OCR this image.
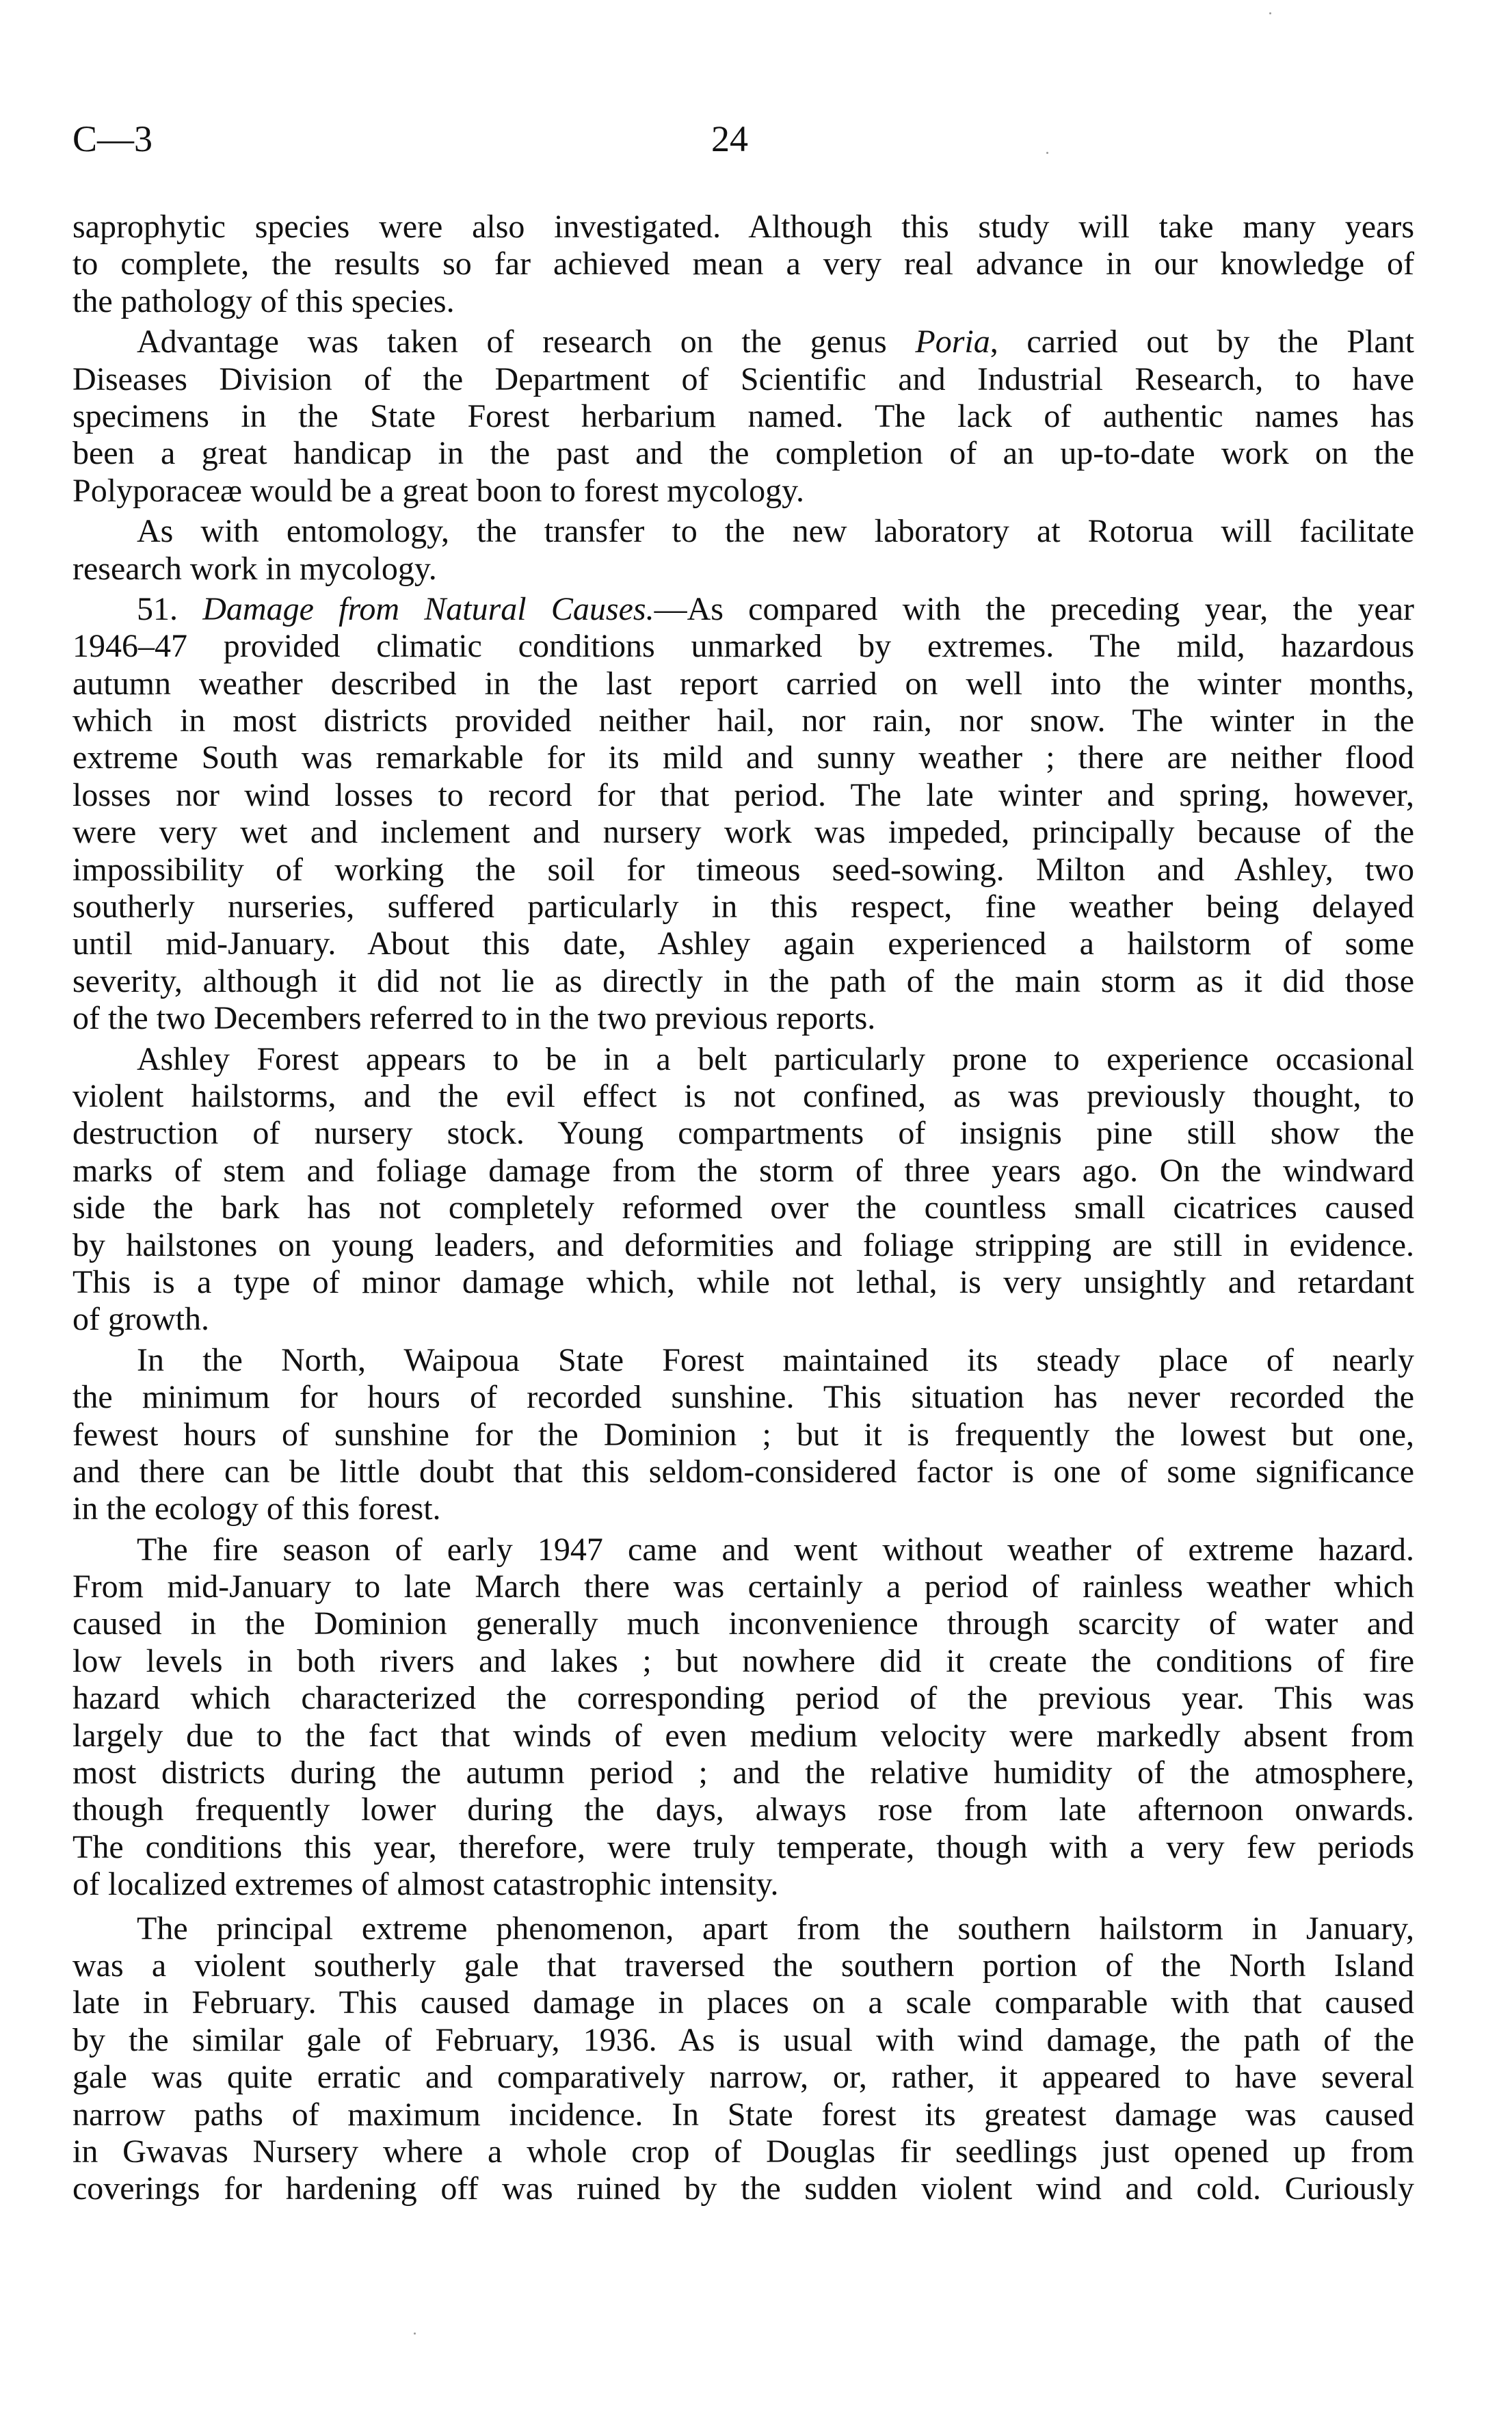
C—3	24
saprophytic species were also investigated. Although this study will take many years
to complete, the results so far achieved mean a very real advance in our knowledge of
the pathology of this species.
Advantage was taken of research on the genus Poria, carried out by the Plant
Diseases Division of the Department of Scientific and Industrial Research, to have
specimens in the State Forest herbarium named. The lack of authentic names has
been a great handicap in the past and the completion of an up-to-date work on the
Polyporaceæ would be a great boon to forest mycology.
As with entomology, the transfer to the new laboratory at Rotorua will facilitate
research work in mycology.
51. Damage from Natural Causes.—As compared with the preceding year, the year
1946–47 provided climatic conditions unmarked by extremes. The mild, hazardous
autumn weather described in the last report carried on well into the winter months,
which in most districts provided neither hail, nor rain, nor snow. The winter in the
extreme South was remarkable for its mild and sunny weather ; there are neither flood
losses nor wind losses to record for that period. The late winter and spring, however,
were very wet and inclement and nursery work was impeded, principally because of the
impossibility of working the soil for timeous seed-sowing. Milton and Ashley, two
southerly nurseries, suffered particularly in this respect, fine weather being delayed
until mid-January. About this date, Ashley again experienced a hailstorm of some
severity, although it did not lie as directly in the path of the main storm as it did those
of the two Decembers referred to in the two previous reports.
Ashley Forest appears to be in a belt particularly prone to experience occasional
violent hailstorms, and the evil effect is not confined, as was previously thought, to
destruction of nursery stock. Young compartments of insignis pine still show the
marks of stem and foliage damage from the storm of three years ago. On the windward
side the bark has not completely reformed over the countless small cicatrices caused
by hailstones on young leaders, and deformities and foliage stripping are still in evidence.
This is a type of minor damage which, while not lethal, is very unsightly and retardant
of growth.
In the North, Waipoua State Forest maintained its steady place of nearly
the minimum for hours of recorded sunshine. This situation has never recorded the
fewest hours of sunshine for the Dominion ; but it is frequently the lowest but one,
and there can be little doubt that this seldom-considered factor is one of some significance
in the ecology of this forest.
The fire season of early 1947 came and went without weather of extreme hazard.
From mid-January to late March there was certainly a period of rainless weather which
caused in the Dominion generally much inconvenience through scarcity of water and
low levels in both rivers and lakes ; but nowhere did it create the conditions of fire
hazard which characterized the corresponding period of the previous year. This was
largely due to the fact that winds of even medium velocity were markedly absent from
most districts during the autumn period ; and the relative humidity of the atmosphere,
though frequently lower during the days, always rose from late afternoon onwards.
The conditions this year, therefore, were truly temperate, though with a very few periods
of localized extremes of almost catastrophic intensity.
The principal extreme phenomenon, apart from the southern hailstorm in January,
was a violent southerly gale that traversed the southern portion of the North Island
late in February. This caused damage in places on a scale comparable with that caused
by the similar gale of February, 1936. As is usual with wind damage, the path of the
gale was quite erratic and comparatively narrow, or, rather, it appeared to have several
narrow paths of maximum incidence. In State forest its greatest damage was caused
in Gwavas Nursery where a whole crop of Douglas fir seedlings just opened up from
coverings for hardening off was ruined by the sudden violent wind and cold. Curiously
